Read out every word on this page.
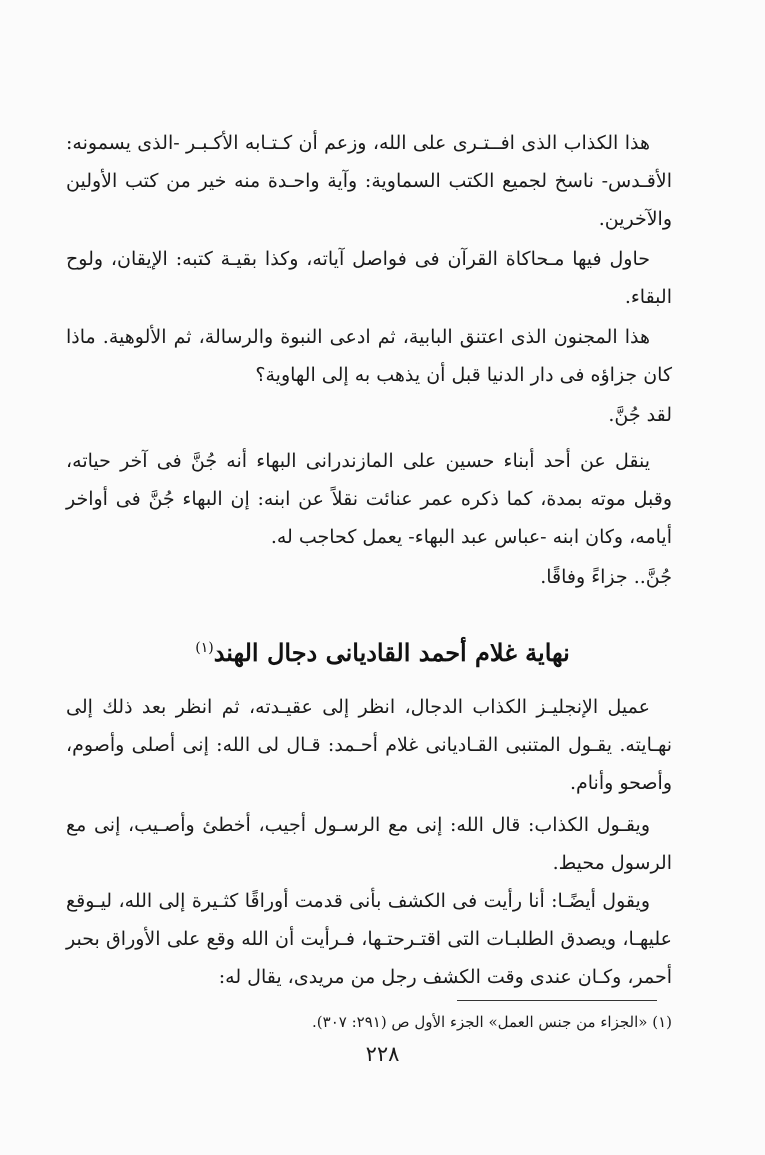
هذا الكذاب الذى افــتـرى على الله، وزعم أن كـتـابه الأكـبـر -الذى يسمونه: الأقـدس- ناسخ لجميع الكتب السماوية: وآية واحـدة منه خير من كتب الأولين والآخرين.

حاول فيها مـحاكاة القرآن فى فواصل آياته، وكذا بقيـة كتبه: الإيقان، ولوح البقاء.

هذا المجنون الذى اعتنق البابية، ثم ادعى النبوة والرسالة، ثم الألوهية. ماذا كان جزاؤه فى دار الدنيا قبل أن يذهب به إلى الهاوية؟

لقد جُنَّ.

ينقل عن أحد أبناء حسين على المازندرانى البهاء أنه جُنَّ فى آخر حياته، وقبل موته بمدة، كما ذكره عمر عنائت نقلاً عن ابنه: إن البهاء جُنَّ فى أواخر أيامه، وكان ابنه -عباس عبد البهاء- يعمل كحاجب له.

جُنَّ.. جزاءً وفاقًا.

نهاية غلام أحمد القاديانى دجال الهند$^{(١)}$

عميل الإنجليـز الكذاب الدجال، انظر إلى عقيـدته، ثم انظر بعد ذلك إلى نهـايته. يقـول المتنبى القـاديانى غلام أحـمد: قـال لى الله: إنى أصلى وأصوم، وأصحو وأنام.

ويقـول الكذاب: قال الله: إنى مع الرسـول أجيب، أخطئ وأصـيب، إنى مع الرسول محيط.

ويقول أيضًـا: أنا رأيت فى الكشف بأنى قدمت أوراقًا كثـيرة إلى الله، ليـوقع عليهـا، ويصدق الطلبـات التى اقتـرحتـها، فـرأيت أن الله وقع على الأوراق بحبر أحمر، وكـان عندى وقت الكشف رجل من مريدى، يقال له:

(١) «الجزاء من جنس العمل» الجزء الأول ص (٢٩١: ٣٠٧).

٢٢٨
